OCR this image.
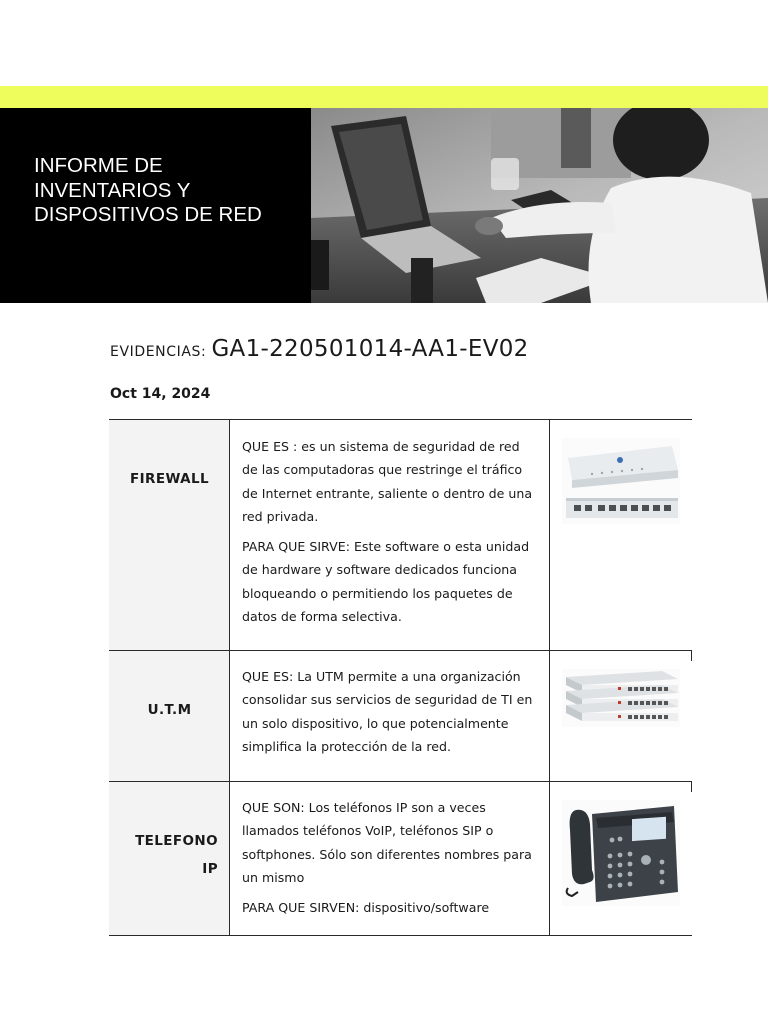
INFORME DE
INVENTARIOS Y
DISPOSITIVOS DE RED
EVIDENCIAS: GA1-220501014-AA1-EV02
Oct 14, 2024
FIREWALL

QUE ES : es un sistema de seguridad de red de las computadoras que restringe el tráfico de Internet entrante, saliente o dentro de una red privada.

PARA QUE SIRVE: Este software o esta unidad de hardware y software dedicados funciona bloqueando o permitiendo los paquetes de datos de forma selectiva.

U.T.M

QUE ES: La UTM permite a una organización consolidar sus servicios de seguridad de TI en un solo dispositivo, lo que potencialmente simplifica la protección de la red.

TELEFONO
IP

QUE SON: Los teléfonos IP son a veces llamados teléfonos VoIP, teléfonos SIP o softphones. Sólo son diferentes nombres para un mismo

PARA QUE SIRVEN: dispositivo/software
